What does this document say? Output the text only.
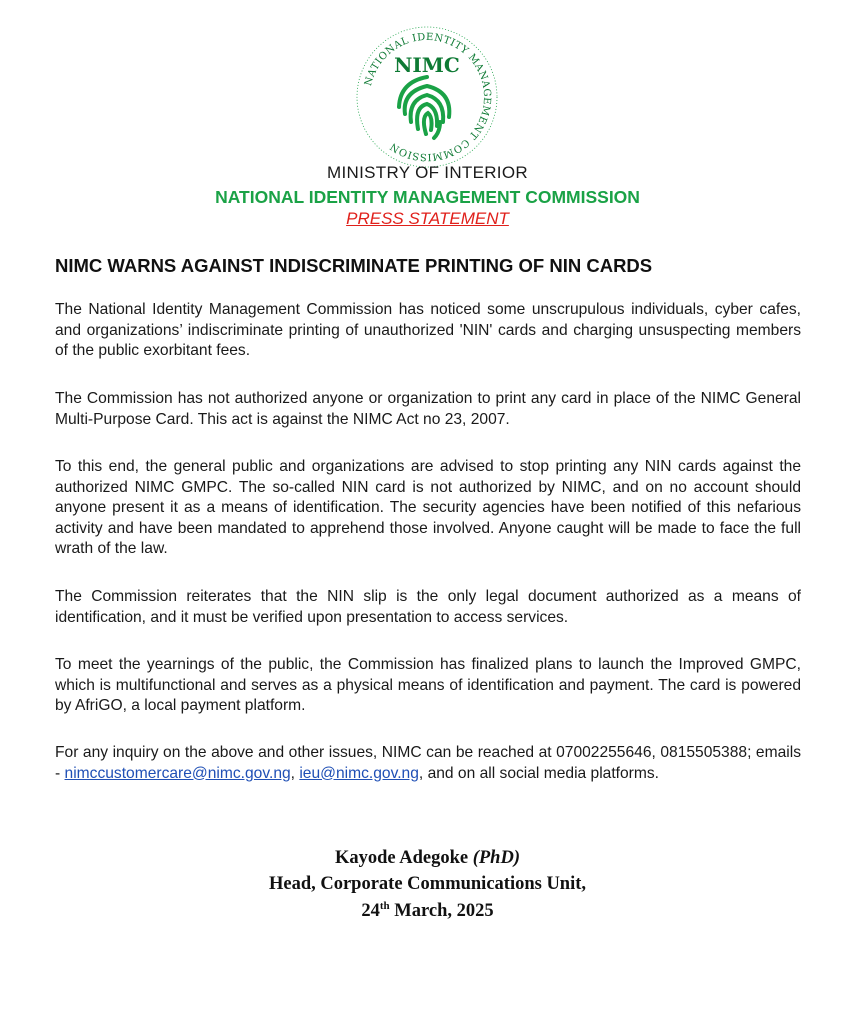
NATIONAL IDENTITY MANAGEMENT COMMISSION
NIMC
MINISTRY OF INTERIOR
NATIONAL IDENTITY MANAGEMENT COMMISSION
PRESS STATEMENT
NIMC WARNS AGAINST INDISCRIMINATE PRINTING OF NIN CARDS

The National Identity Management Commission has noticed some unscrupulous individuals, cyber cafes, and organizations’ indiscriminate printing of unauthorized 'NIN' cards and charging unsuspecting members of the public exorbitant fees.

The Commission has not authorized anyone or organization to print any card in place of the NIMC General Multi-Purpose Card. This act is against the NIMC Act no 23, 2007.

To this end, the general public and organizations are advised to stop printing any NIN cards against the authorized NIMC GMPC. The so-called NIN card is not authorized by NIMC, and on no account should anyone present it as a means of identification. The security agencies have been notified of this nefarious activity and have been mandated to apprehend those involved. Anyone caught will be made to face the full wrath of the law.

The Commission reiterates that the NIN slip is the only legal document authorized as a means of identification, and it must be verified upon presentation to access services.

To meet the yearnings of the public, the Commission has finalized plans to launch the Improved GMPC, which is multifunctional and serves as a physical means of identification and payment. The card is powered by AfriGO, a local payment platform.

For any inquiry on the above and other issues, NIMC can be reached at 07002255646, 0815505388; emails - nimccustomercare@nimc.gov.ng, ieu@nimc.gov.ng, and on all social media platforms.

Kayode Adegoke (PhD)
Head, Corporate Communications Unit,
24th March, 2025
